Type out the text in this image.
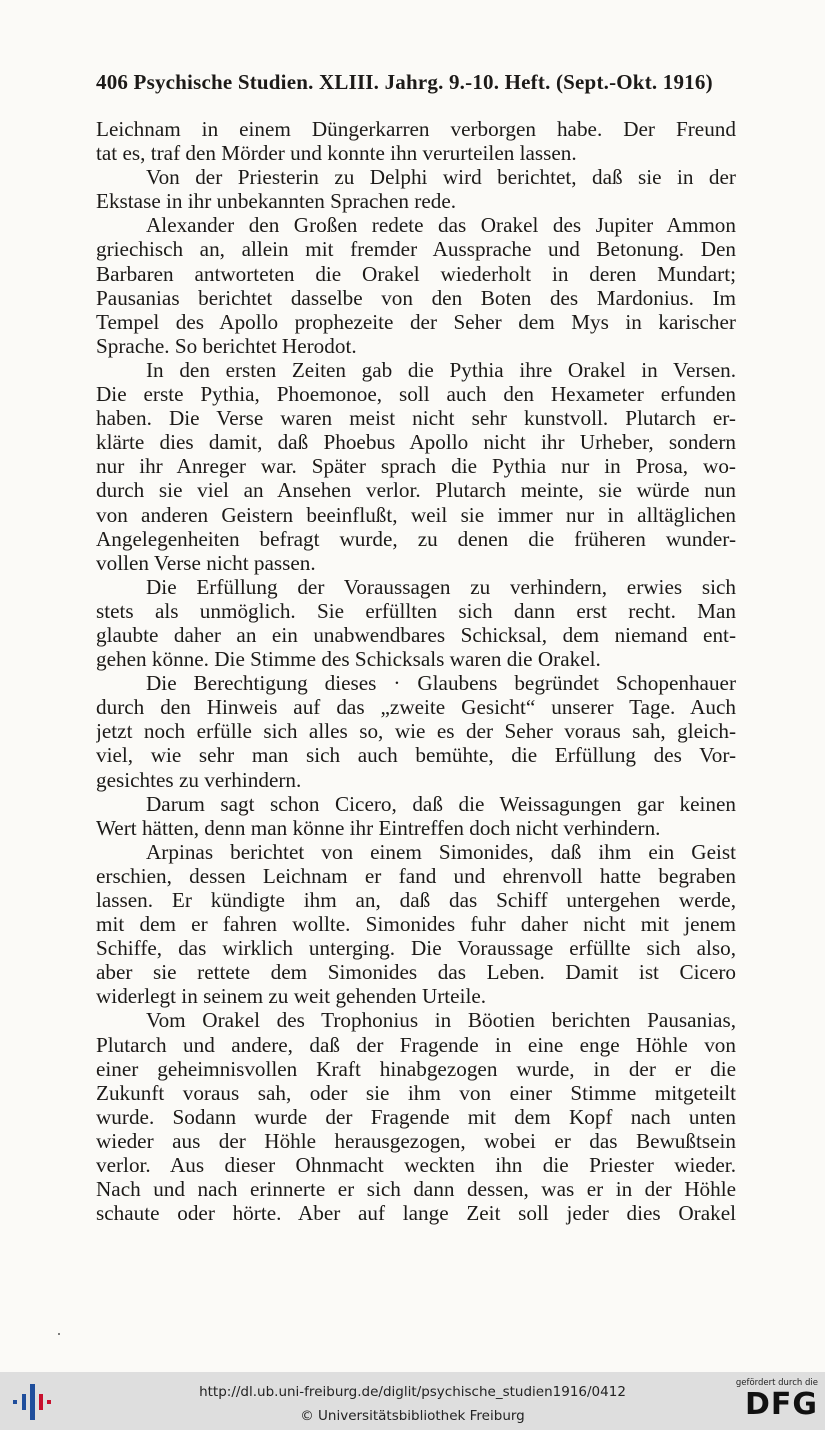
406 Psychische Studien. XLIII. Jahrg. 9.-10. Heft. (Sept.-Okt. 1916)
Leichnam in einem Düngerkarren verborgen habe. Der Freund
tat es, traf den Mörder und konnte ihn verurteilen lassen.
Von der Priesterin zu Delphi wird berichtet, daß sie in der
Ekstase in ihr unbekannten Sprachen rede.
Alexander den Großen redete das Orakel des Jupiter Ammon
griechisch an, allein mit fremder Aussprache und Betonung. Den
Barbaren antworteten die Orakel wiederholt in deren Mundart;
Pausanias berichtet dasselbe von den Boten des Mardonius. Im
Tempel des Apollo prophezeite der Seher dem Mys in karischer
Sprache. So berichtet Herodot.
In den ersten Zeiten gab die Pythia ihre Orakel in Versen.
Die erste Pythia, Phoemonoe, soll auch den Hexameter erfunden
haben. Die Verse waren meist nicht sehr kunstvoll. Plutarch er-
klärte dies damit, daß Phoebus Apollo nicht ihr Urheber, sondern
nur ihr Anreger war. Später sprach die Pythia nur in Prosa, wo-
durch sie viel an Ansehen verlor. Plutarch meinte, sie würde nun
von anderen Geistern beeinflußt, weil sie immer nur in alltäglichen
Angelegenheiten befragt wurde, zu denen die früheren wunder-
vollen Verse nicht passen.
Die Erfüllung der Voraussagen zu verhindern, erwies sich
stets als unmöglich. Sie erfüllten sich dann erst recht. Man
glaubte daher an ein unabwendbares Schicksal, dem niemand ent-
gehen könne. Die Stimme des Schicksals waren die Orakel.
Die Berechtigung dieses · Glaubens begründet Schopenhauer
durch den Hinweis auf das „zweite Gesicht“ unserer Tage. Auch
jetzt noch erfülle sich alles so, wie es der Seher voraus sah, gleich-
viel, wie sehr man sich auch bemühte, die Erfüllung des Vor-
gesichtes zu verhindern.
Darum sagt schon Cicero, daß die Weissagungen gar keinen
Wert hätten, denn man könne ihr Eintreffen doch nicht verhindern.
Arpinas berichtet von einem Simonides, daß ihm ein Geist
erschien, dessen Leichnam er fand und ehrenvoll hatte begraben
lassen. Er kündigte ihm an, daß das Schiff untergehen werde,
mit dem er fahren wollte. Simonides fuhr daher nicht mit jenem
Schiffe, das wirklich unterging. Die Voraussage erfüllte sich also,
aber sie rettete dem Simonides das Leben. Damit ist Cicero
widerlegt in seinem zu weit gehenden Urteile.
Vom Orakel des Trophonius in Böotien berichten Pausanias,
Plutarch und andere, daß der Fragende in eine enge Höhle von
einer geheimnisvollen Kraft hinabgezogen wurde, in der er die
Zukunft voraus sah, oder sie ihm von einer Stimme mitgeteilt
wurde. Sodann wurde der Fragende mit dem Kopf nach unten
wieder aus der Höhle herausgezogen, wobei er das Bewußtsein
verlor. Aus dieser Ohnmacht weckten ihn die Priester wieder.
Nach und nach erinnerte er sich dann dessen, was er in der Höhle
schaute oder hörte. Aber auf lange Zeit soll jeder dies Orakel
http://dl.ub.uni-freiburg.de/diglit/psychische_studien1916/0412
© Universitätsbibliothek Freiburg
gefördert durch die
DFG
